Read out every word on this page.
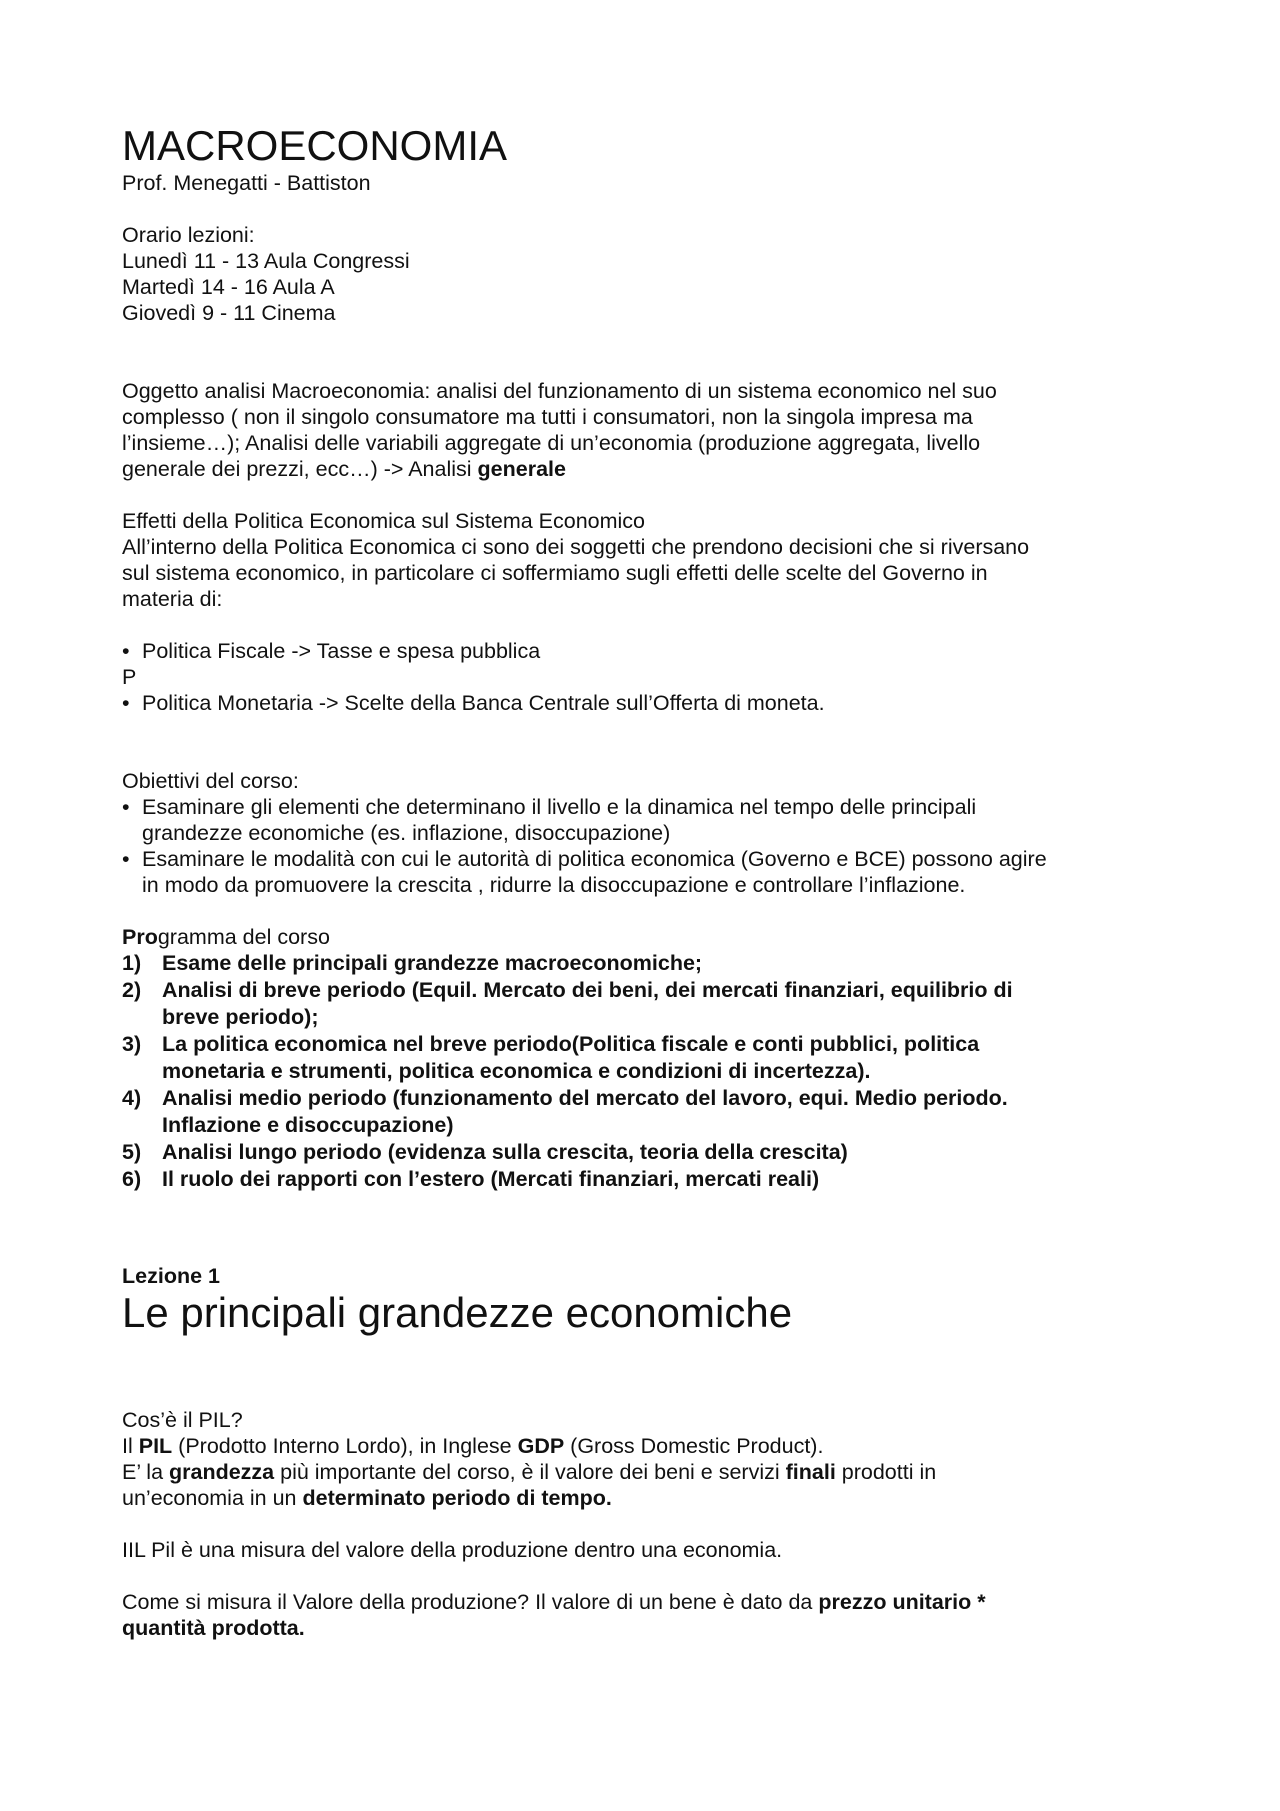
MACROECONOMIA

Prof. Menegatti - Battiston

Orario lezioni:

Lunedì 11 - 13 Aula Congressi

Martedì 14 - 16 Aula A

Giovedì 9 - 11 Cinema

Oggetto analisi Macroeconomia: analisi del funzionamento di un sistema economico nel suo

complesso ( non il singolo consumatore ma tutti i consumatori, non la singola impresa ma

l’insieme…); Analisi delle variabili aggregate di un’economia (produzione aggregata, livello

generale dei prezzi, ecc…) -> Analisi generale

Effetti della Politica Economica sul Sistema Economico

All’interno della Politica Economica ci sono dei soggetti che prendono decisioni che si riversano

sul sistema economico, in particolare ci soffermiamo sugli effetti delle scelte del Governo in

materia di:

• Politica Fiscale -> Tasse e spesa pubblica

P

• Politica Monetaria -> Scelte della Banca Centrale sull’Offerta di moneta.

Obiettivi del corso:

• Esaminare gli elementi che determinano il livello e la dinamica nel tempo delle principali
grandezze economiche (es. inflazione, disoccupazione)

• Esaminare le modalità con cui le autorità di politica economica (Governo e BCE) possono agire
in modo da promuovere la crescita , ridurre la disoccupazione e controllare l’inflazione.

Programma del corso

1) Esame delle principali grandezze macroeconomiche;
2) Analisi di breve periodo (Equil. Mercato dei beni, dei mercati finanziari, equilibrio di
breve periodo);
3) La politica economica nel breve periodo(Politica fiscale e conti pubblici, politica
monetaria e strumenti, politica economica e condizioni di incertezza).
4) Analisi medio periodo (funzionamento del mercato del lavoro, equi. Medio periodo.
Inflazione e disoccupazione)
5) Analisi lungo periodo (evidenza sulla crescita, teoria della crescita)
6) Il ruolo dei rapporti con l’estero (Mercati finanziari, mercati reali)

Lezione 1

Le principali grandezze economiche

Cos’è il PIL?

Il PIL (Prodotto Interno Lordo), in Inglese GDP (Gross Domestic Product).

E’ la grandezza più importante del corso, è il valore dei beni e servizi finali prodotti in

un’economia in un determinato periodo di tempo.

IIL Pil è una misura del valore della produzione dentro una economia.

Come si misura il Valore della produzione? Il valore di un bene è dato da prezzo unitario *

quantità prodotta.
